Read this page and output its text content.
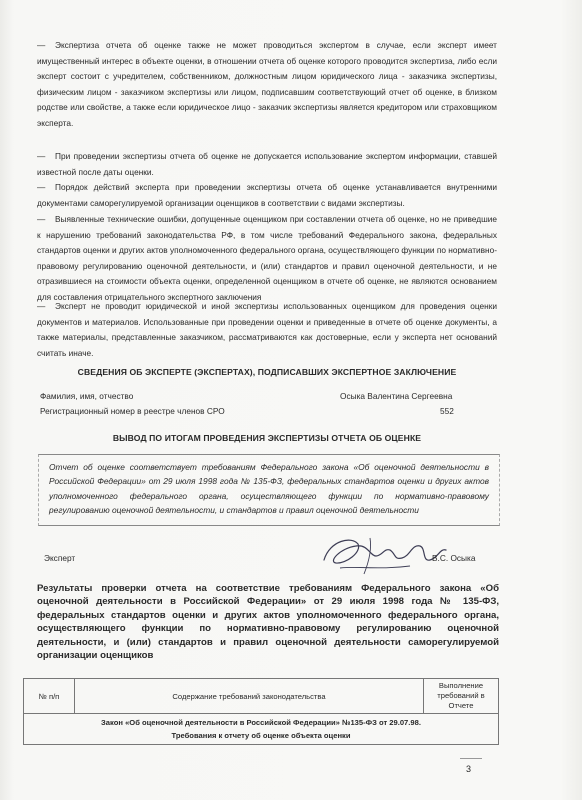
— Экспертиза отчета об оценке также не может проводиться экспертом в случае, если эксперт имеет имущественный интерес в объекте оценки, в отношении отчета об оценке которого проводится экспертиза, либо если эксперт состоит с учредителем, собственником, должностным лицом юридического лица - заказчика экспертизы, физическим лицом - заказчиком экспертизы или лицом, подписавшим соответствующий отчет об оценке, в близком родстве или свойстве, а также если юридическое лицо - заказчик экспертизы является кредитором или страховщиком эксперта.
— При проведении экспертизы отчета об оценке не допускается использование экспертом информации, ставшей известной после даты оценки.
— Порядок действий эксперта при проведении экспертизы отчета об оценке устанавливается внутренними документами саморегулируемой организации оценщиков в соответствии с видами экспертизы.
— Выявленные технические ошибки, допущенные оценщиком при составлении отчета об оценке, но не приведшие к нарушению требований законодательства РФ, в том числе требований Федерального закона, федеральных стандартов оценки и других актов уполномоченного федерального органа, осуществляющего функции по нормативно-правовому регулированию оценочной деятельности, и (или) стандартов и правил оценочной деятельности, и не отразившиеся на стоимости объекта оценки, определенной оценщиком в отчете об оценке, не являются основанием для составления отрицательного экспертного заключения
— Эксперт не проводит юридической и иной экспертизы использованных оценщиком для проведения оценки документов и материалов. Использованные при проведении оценки и приведенные в отчете об оценке документы, а также материалы, представленные заказчиком, рассматриваются как достоверные, если у эксперта нет оснований считать иначе.
СВЕДЕНИЯ ОБ ЭКСПЕРТЕ (ЭКСПЕРТАХ), ПОДПИСАВШИХ ЭКСПЕРТНОЕ ЗАКЛЮЧЕНИЕ
Фамилия, имя, отчество	Осыка Валентина Сергеевна
Регистрационный номер в реестре членов СРО	552
ВЫВОД ПО ИТОГАМ ПРОВЕДЕНИЯ ЭКСПЕРТИЗЫ ОТЧЕТА ОБ ОЦЕНКЕ
Отчет об оценке соответствует требованиям Федерального закона «Об оценочной деятельности в Российской Федерации» от 29 июля 1998 года № 135-ФЗ, федеральных стандартов оценки и других актов уполномоченного федерального органа, осуществляющего функции по нормативно-правовому регулированию оценочной деятельности, и стандартов и правил оценочной деятельности
Эксперт	В.С. Осыка
Результаты проверки отчета на соответствие требованиям Федерального закона «Об оценочной деятельности в Российской Федерации» от 29 июля 1998 года № 135-ФЗ, федеральных стандартов оценки и других актов уполномоченного федерального органа, осуществляющего функции по нормативно-правовому регулированию оценочной деятельности, и (или) стандартов и правил оценочной деятельности саморегулируемой организации оценщиков
№ п/п	Содержание требований законодательства	Выполнение требований в Отчете

Закон «Об оценочной деятельности в Российской Федерации» №135-ФЗ от 29.07.98.
Требования к отчету об оценке объекта оценки
3
